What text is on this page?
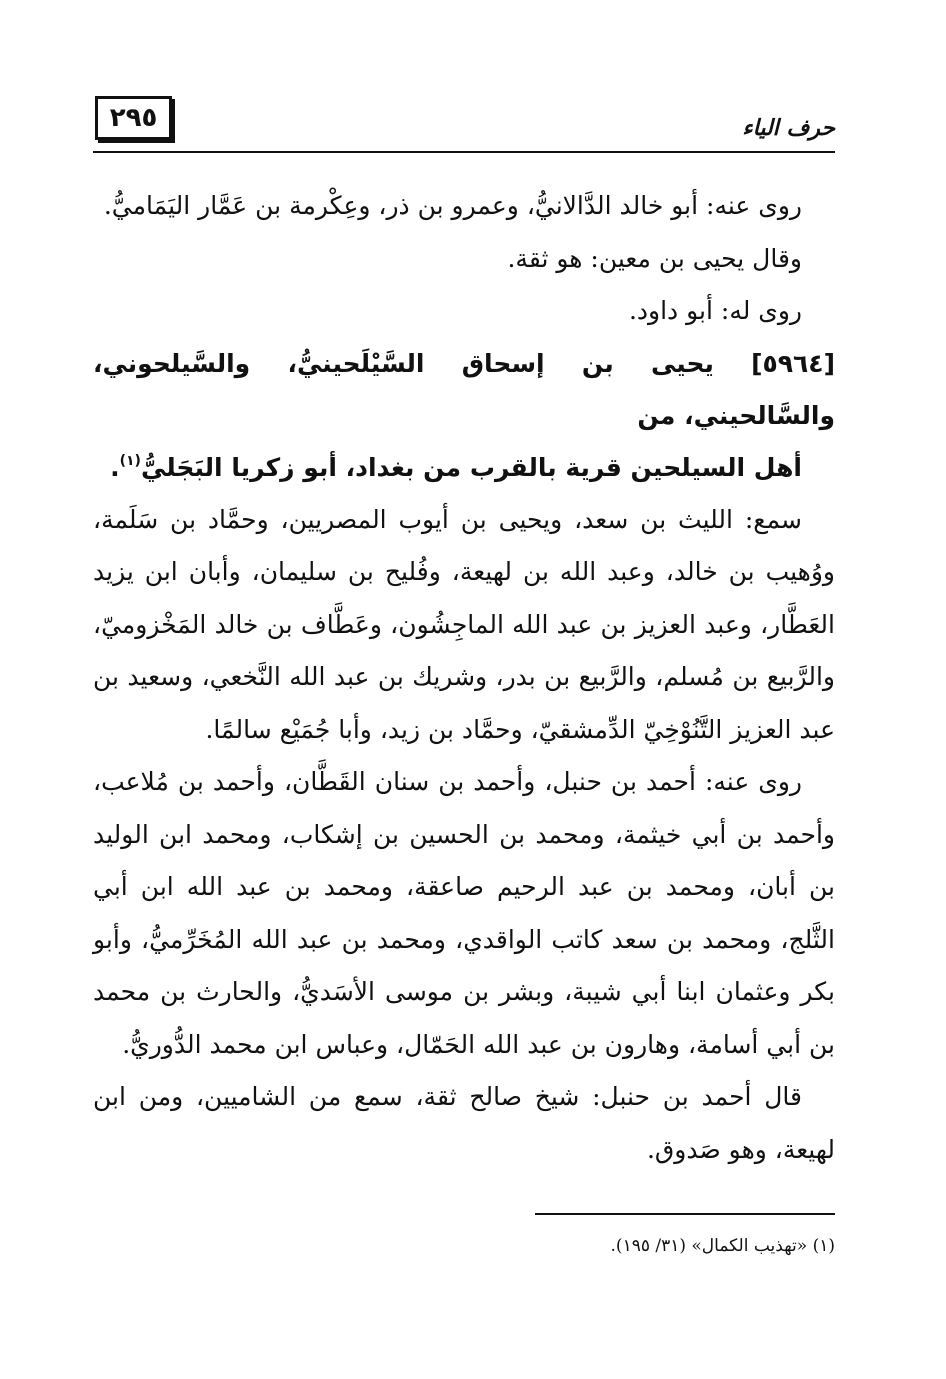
٢٩٥	حرف الياء

روى عنه: أبو خالد الدَّالانيُّ، وعمرو بن ذر، وعِكْرمة بن عَمَّار اليَمَاميُّ.

وقال يحيى بن معين: هو ثقة.

روى له: أبو داود.

[٥٩٦٤] يحيى بن إسحاق السَّيْلَحينيُّ، والسَّيلحوني، والسَّالحيني، من
أهل السيلحين قرية بالقرب من بغداد، أبو زكريا البَجَليُّ$^{(١)}$.

سمع: الليث بن سعد، ويحيى بن أيوب المصريين، وحمَّاد بن سَلَمة، ووُهيب بن خالد، وعبد الله بن لهيعة، وفُليح بن سليمان، وأبان ابن يزيد العَطَّار، وعبد العزيز بن عبد الله الماجِشُون، وعَطَّاف بن خالد المَخْزوميّ، والرَّبيع بن مُسلم، والرَّبيع بن بدر، وشريك بن عبد الله النَّخعي، وسعيد بن عبد العزيز التَّنُوْخِيّ الدِّمشقيّ، وحمَّاد بن زيد، وأبا جُمَيْع سالمًا.

روى عنه: أحمد بن حنبل، وأحمد بن سنان القَطَّان، وأحمد بن مُلاعب، وأحمد بن أبي خيثمة، ومحمد بن الحسين بن إشكاب، ومحمد ابن الوليد بن أبان، ومحمد بن عبد الرحيم صاعقة، ومحمد بن عبد الله ابن أبي الثَّلج، ومحمد بن سعد كاتب الواقدي، ومحمد بن عبد الله المُخَرِّميُّ، وأبو بكر وعثمان ابنا أبي شيبة، وبشر بن موسى الأسَديُّ، والحارث بن محمد بن أبي أسامة، وهارون بن عبد الله الحَمّال، وعباس ابن محمد الدُّوريُّ.

قال أحمد بن حنبل: شيخ صالح ثقة، سمع من الشاميين، ومن ابن لهيعة، وهو صَدوق.

(١) «تهذيب الكمال» (٣١/ ١٩٥).
